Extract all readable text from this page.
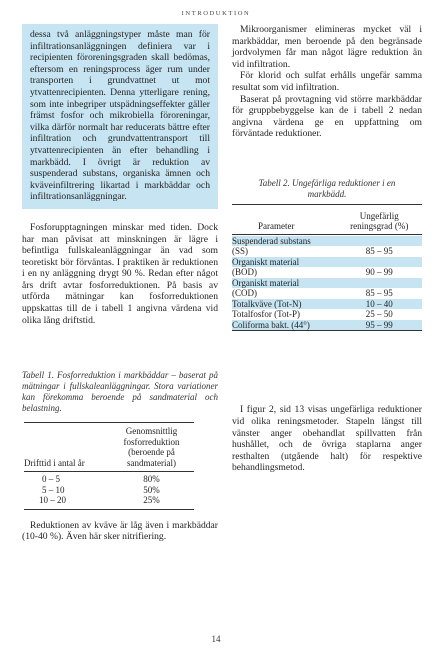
INTRODUKTION

dessa två anläggningstyper måste man för infiltrationsanläggningen definiera var i recipienten föroreningsgraden skall bedömas, eftersom en reningsprocess äger rum under transporten i grundvattnet ut mot ytvattenrecipienten. Denna ytterligare rening, som inte inbegriper utspädningseffekter gäller främst fosfor och mikrobiella föroreningar, vilka därför normalt har reducerats bättre efter infiltration och grundvattentransport till ytvattenrecipienten än efter behandling i markbädd. I övrigt är reduktion av suspenderad substans, organiska ämnen och kväveinfiltrering likartad i markbäddar och infiltrationsanläggningar.

Fosforupptagningen minskar med tiden. Dock har man påvisat att minskningen är lägre i befintliga fullskaleanläggningar än vad som teoretiskt bör förväntas. I praktiken är reduktionen i en ny anläggning drygt 90 %. Redan efter något års drift avtar fosforreduktionen. På basis av utförda mätningar kan fosforreduktionen uppskattas till de i tabell 1 angivna värdena vid olika lång driftstid.

Tabell 1. Fosforreduktion i markbäddar – baserat på mätningar i fullskaleanläggningar. Stora variationer kan förekomma beroende på sandmaterial och belastning.

Drifttid i antal år	Genomsnittlig
fosforreduktion
(beroende på
sandmaterial)

0 – 5	80%
5 – 10	50%
10 – 20	25%

Reduktionen av kväve är låg även i markbäddar (10-40 %). Även här sker nitrifiering.

Mikroorganismer elimineras mycket väl i markbäddar, men beroende på den begränsade jordvolymen får man något lägre reduktion än vid infiltration.

För klorid och sulfat erhålls ungefär samma resultat som vid infiltration.

Baserat på provtagning vid större markbäddar för gruppbebyggelse kan de i tabell 2 nedan angivna värdena ge en uppfattning om förväntade reduktioner.

Tabell 2. Ungefärliga reduktioner i en
markbädd.

Parameter	Ungefärlig
reningsgrad (%)

Suspenderad substans	
(SS)	85 – 95
Organiskt material	
(BOD)	90 – 99
Organiskt material	
(COD)	85 – 95
Totalkväve (Tot-N)	10 – 40
Totalfosfor (Tot-P)	25 – 50
Coliforma bakt. (44°)	95 – 99

I figur 2, sid 13 visas ungefärliga reduktioner vid olika reningsmetoder. Stapeln längst till vänster anger obehandlat spillvatten från hushållet, och de övriga staplarna anger resthalten (utgående halt) för respektive behandlingsmetod.

14
